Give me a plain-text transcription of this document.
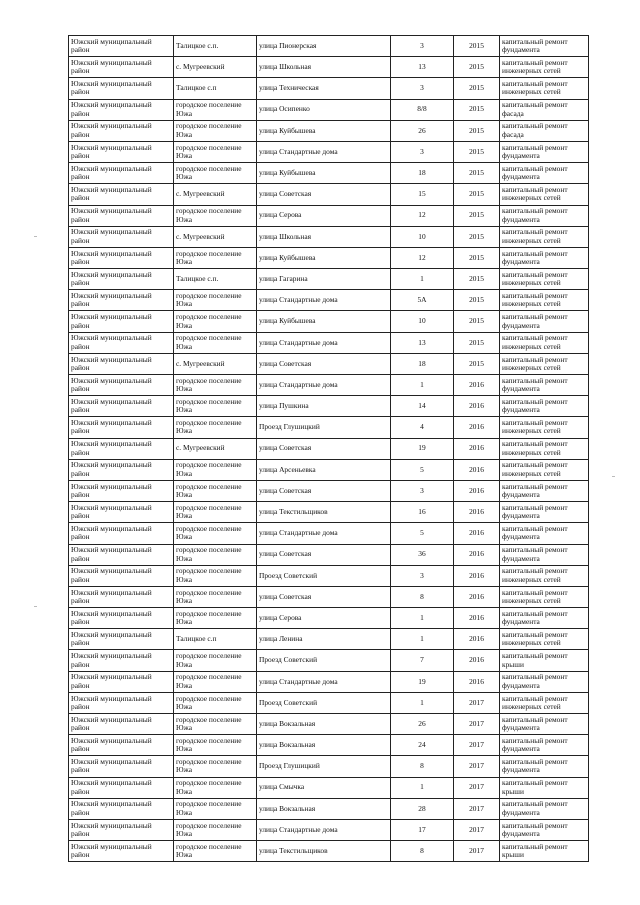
Южский муниципальный район	Талицкое с.п.	улица Пионерская	3	2015	капитальный ремонт фундамента
Южский муниципальный район	с. Мугреевский	улица Школьная	13	2015	капитальный ремонт инженерных сетей
Южский муниципальный район	Талицкое с.п	улица Техническая	3	2015	капитальный ремонт инженерных сетей
Южский муниципальный район	городское поселение Южа	улица Осипенко	8/8	2015	капитальный ремонт фасада
Южский муниципальный район	городское поселение Южа	улица Куйбышева	26	2015	капитальный ремонт фасада
Южский муниципальный район	городское поселение Южа	улица Стандартные дома	3	2015	капитальный ремонт фундамента
Южский муниципальный район	городское поселение Южа	улица Куйбышева	18	2015	капитальный ремонт фундамента
Южский муниципальный район	с. Мугреевский	улица Советская	15	2015	капитальный ремонт инженерных сетей
Южский муниципальный район	городское поселение Южа	улица Серова	12	2015	капитальный ремонт фундамента
Южский муниципальный район	с. Мугреевский	улица Школьная	10	2015	капитальный ремонт инженерных сетей
Южский муниципальный район	городское поселение Южа	улица Куйбышева	12	2015	капитальный ремонт фундамента
Южский муниципальный район	Талицкое с.п.	улица Гагарина	1	2015	капитальный ремонт инженерных сетей
Южский муниципальный район	городское поселение Южа	улица Стандартные дома	5А	2015	капитальный ремонт инженерных сетей
Южский муниципальный район	городское поселение Южа	улица Куйбышева	10	2015	капитальный ремонт фундамента
Южский муниципальный район	городское поселение Южа	улица Стандартные дома	13	2015	капитальный ремонт инженерных сетей
Южский муниципальный район	с. Мугреевский	улица Советская	18	2015	капитальный ремонт инженерных сетей
Южский муниципальный район	городское поселение Южа	улица Стандартные дома	1	2016	капитальный ремонт фундамента
Южский муниципальный район	городское поселение Южа	улица Пушкина	14	2016	капитальный ремонт фундамента
Южский муниципальный район	городское поселение Южа	Проезд Глушицкий	4	2016	капитальный ремонт инженерных сетей
Южский муниципальный район	с. Мугреевский	улица Советская	19	2016	капитальный ремонт инженерных сетей
Южский муниципальный район	городское поселение Южа	улица Арсеньевка	5	2016	капитальный ремонт инженерных сетей
Южский муниципальный район	городское поселение Южа	улица Советская	3	2016	капитальный ремонт фундамента
Южский муниципальный район	городское поселение Южа	улица Текстильщиков	16	2016	капитальный ремонт фундамента
Южский муниципальный район	городское поселение Южа	улица Стандартные дома	5	2016	капитальный ремонт фундамента
Южский муниципальный район	городское поселение Южа	улица Советская	36	2016	капитальный ремонт фундамента
Южский муниципальный район	городское поселение Южа	Проезд Советский	3	2016	капитальный ремонт инженерных сетей
Южский муниципальный район	городское поселение Южа	улица Советская	8	2016	капитальный ремонт инженерных сетей
Южский муниципальный район	городское поселение Южа	улица Серова	1	2016	капитальный ремонт фундамента
Южский муниципальный район	Талицкое с.п	улица Ленина	1	2016	капитальный ремонт инженерных сетей
Южский муниципальный район	городское поселение Южа	Проезд Советский	7	2016	капитальный ремонт крыши
Южский муниципальный район	городское поселение Южа	улица Стандартные дома	19	2016	капитальный ремонт фундамента
Южский муниципальный район	городское поселение Южа	Проезд Советский	1	2017	капитальный ремонт инженерных сетей
Южский муниципальный район	городское поселение Южа	улица Вокзальная	26	2017	капитальный ремонт фундамента
Южский муниципальный район	городское поселение Южа	улица Вокзальная	24	2017	капитальный ремонт фундамента
Южский муниципальный район	городское поселение Южа	Проезд Глушицкий	8	2017	капитальный ремонт фундамента
Южский муниципальный район	городское поселение Южа	улица Смычка	1	2017	капитальный ремонт крыши
Южский муниципальный район	городское поселение Южа	улица Вокзальная	28	2017	капитальный ремонт фундамента
Южский муниципальный район	городское поселение Южа	улица Стандартные дома	17	2017	капитальный ремонт фундамента
Южский муниципальный район	городское поселение Южа	улица Текстильщиков	8	2017	капитальный ремонт крыши
